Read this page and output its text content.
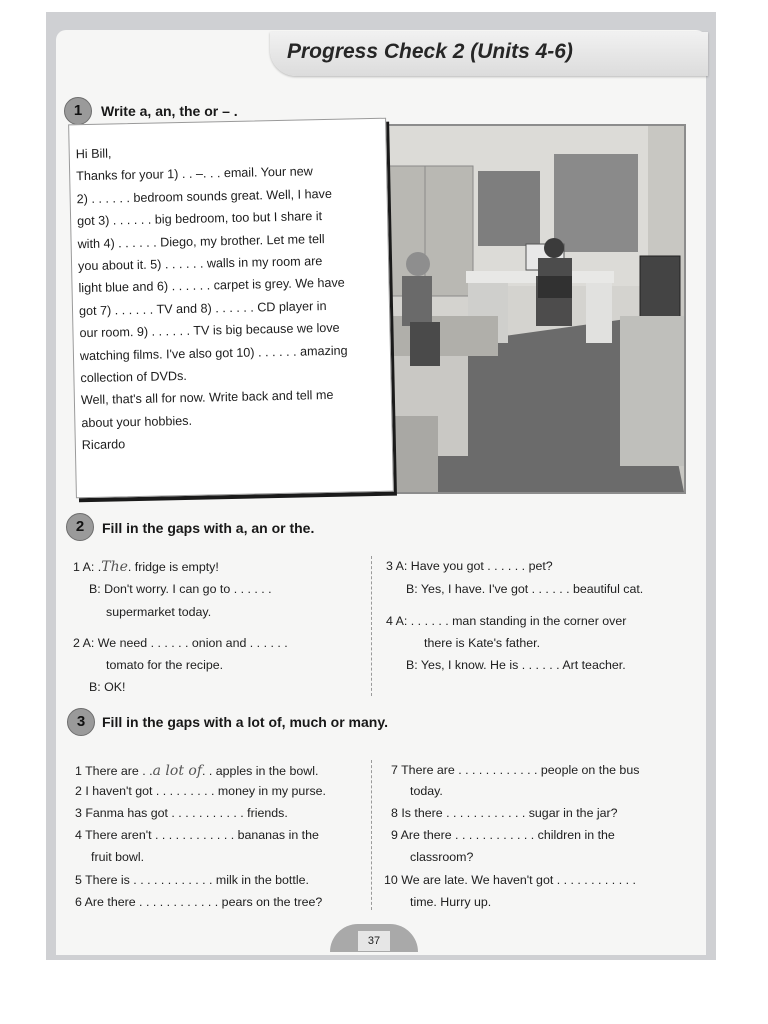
Progress Check 2 (Units 4-6)
1	Write a, an, the or – .
Hi Bill,
Thanks for your 1) . . –. . . email. Your new
2) . . . . . . bedroom sounds great. Well, I have
got 3) . . . . . . big bedroom, too but I share it
with 4) . . . . . . Diego, my brother. Let me tell
you about it. 5) . . . . . . walls in my room are
light blue and 6) . . . . . . carpet is grey. We have
got 7) . . . . . . TV and 8) . . . . . . CD player in
our room. 9) . . . . . . TV is big because we love
watching films. I've also got 10) . . . . . . amazing
collection of DVDs.
Well, that's all for now. Write back and tell me
about your hobbies.
Ricardo
2	Fill in the gaps with a, an or the.
1 A: .The. fridge is empty!
B: Don't worry. I can go to . . . . . .
supermarket today.
2 A: We need . . . . . . onion and . . . . . .
tomato for the recipe.
B: OK!
3 A: Have you got . . . . . . pet?
B: Yes, I have. I've got . . . . . . beautiful cat.
4 A: . . . . . . man standing in the corner over
there is Kate's father.
B: Yes, I know. He is . . . . . . Art teacher.
3	Fill in the gaps with a lot of, much or many.
1 There are . .a lot of. . apples in the bowl.
2 I haven't got . . . . . . . . . money in my purse.
3 Fanma has got . . . . . . . . . . . friends.
4 There aren't . . . . . . . . . . . . bananas in the
fruit bowl.
5 There is . . . . . . . . . . . . milk in the bottle.
6 Are there . . . . . . . . . . . . pears on the tree?
7 There are . . . . . . . . . . . . people on the bus
today.
8 Is there . . . . . . . . . . . . sugar in the jar?
9 Are there . . . . . . . . . . . . children in the
classroom?
10 We are late. We haven't got . . . . . . . . . . . .
time. Hurry up.
37
